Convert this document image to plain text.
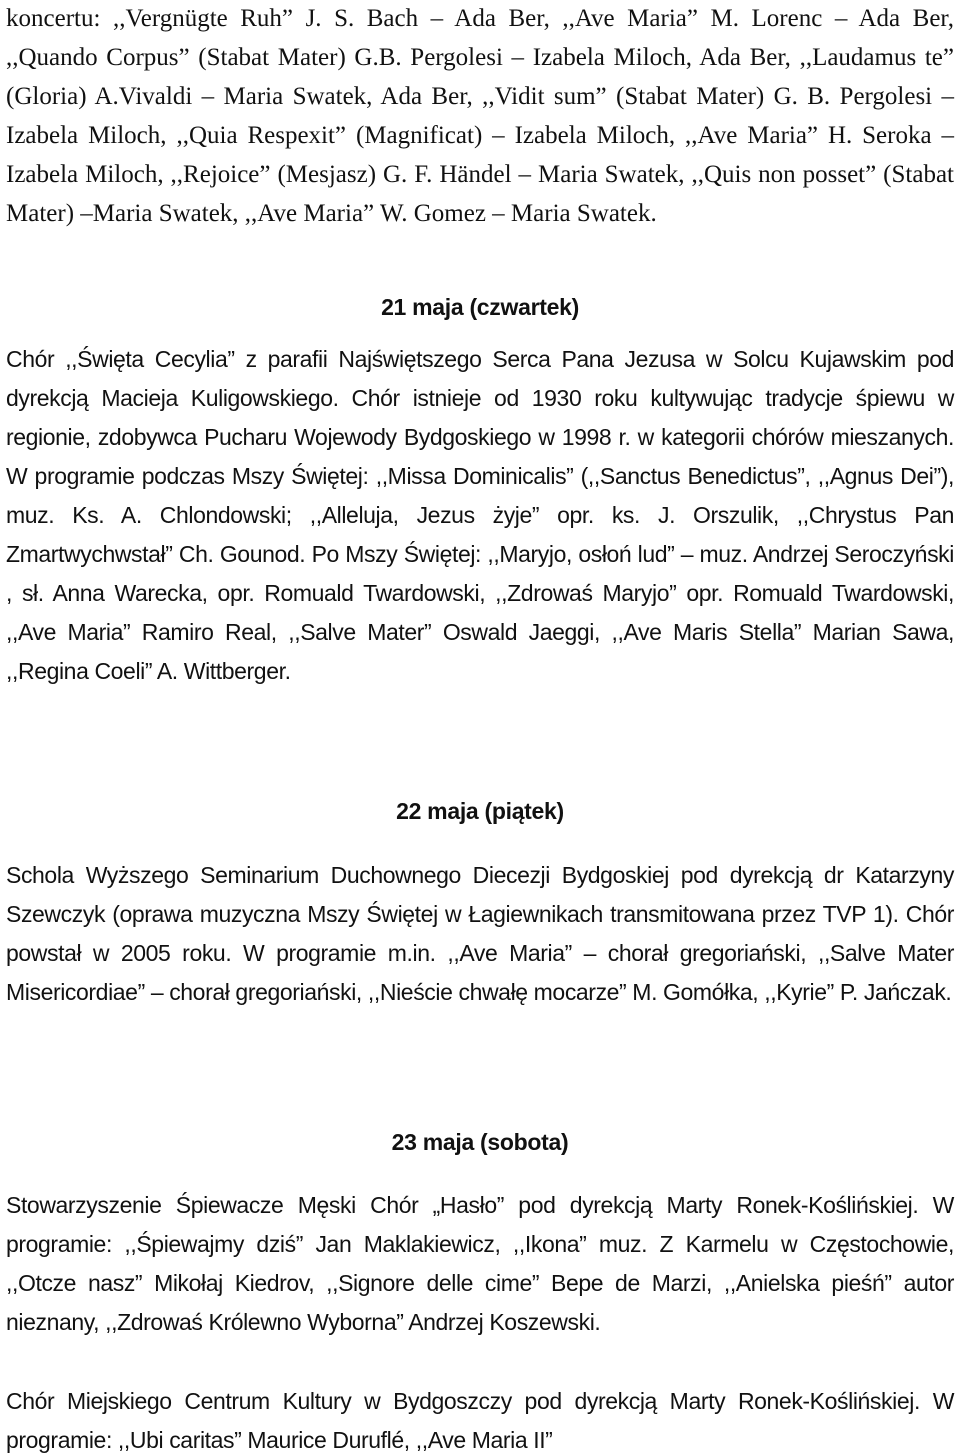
koncertu: ,,Vergnügte Ruh” J. S. Bach – Ada Ber, ,,Ave Maria” M. Lorenc – Ada Ber, ,,Quando Corpus” (Stabat Mater) G.B. Pergolesi – Izabela Miloch, Ada Ber, ,,Laudamus te” (Gloria) A.Vivaldi – Maria Swatek, Ada Ber, ,,Vidit sum” (Stabat Mater) G. B. Pergolesi – Izabela Miloch, ,,Quia Respexit” (Magnificat) – Izabela Miloch, ,,Ave Maria” H. Seroka – Izabela Miloch, ,,Rejoice” (Mesjasz) G. F. Händel – Maria Swatek, ,,Quis non posset” (Stabat Mater) –Maria Swatek, ,,Ave Maria” W. Gomez – Maria Swatek.

21 maja (czwartek)

Chór ,,Święta Cecylia” z parafii Najświętszego Serca Pana Jezusa w Solcu Kujawskim pod dyrekcją Macieja Kuligowskiego. Chór istnieje od 1930 roku kultywując tradycje śpiewu w regionie, zdobywca Pucharu Wojewody Bydgoskiego w 1998 r. w kategorii chórów mieszanych. W programie podczas Mszy Świętej: ,,Missa Dominicalis” (,,Sanctus Benedictus”, ,,Agnus Dei”), muz. Ks. A. Chlondowski; ,,Alleluja, Jezus żyje” opr. ks. J. Orszulik, ,,Chrystus Pan Zmartwychwstał” Ch. Gounod. Po Mszy Świętej: ,,Maryjo, osłoń lud” – muz. Andrzej Seroczyński , sł. Anna Warecka, opr. Romuald Twardowski, ,,Zdrowaś Maryjo” opr. Romuald Twardowski, ,,Ave Maria” Ramiro Real, ,,Salve Mater” Oswald Jaeggi, ,,Ave Maris Stella” Marian Sawa, ,,Regina Coeli” A. Wittberger.

22 maja (piątek)

Schola Wyższego Seminarium Duchownego Diecezji Bydgoskiej pod dyrekcją dr Katarzyny Szewczyk (oprawa muzyczna Mszy Świętej w Łagiewnikach transmitowana przez TVP 1). Chór powstał w 2005 roku. W programie m.in. ,,Ave Maria” – chorał gregoriański, ,,Salve Mater Misericordiae” – chorał gregoriański, ,,Nieście chwałę mocarze” M. Gomółka, ,,Kyrie” P. Jańczak.

23 maja (sobota)

Stowarzyszenie Śpiewacze Męski Chór „Hasło” pod dyrekcją Marty Ronek-Koślińskiej. W programie: ,,Śpiewajmy dziś” Jan Maklakiewicz, ,,Ikona” muz. Z Karmelu w Częstochowie, ,,Otcze nasz” Mikołaj Kiedrov, ,,Signore delle cime” Bepe de Marzi, ,,Anielska pieśń” autor nieznany, ,,Zdrowaś Królewno Wyborna” Andrzej Koszewski.

Chór Miejskiego Centrum Kultury w Bydgoszczy pod dyrekcją Marty Ronek-Koślińskiej. W programie: ,,Ubi caritas” Maurice Duruflé, ,,Ave Maria II”
